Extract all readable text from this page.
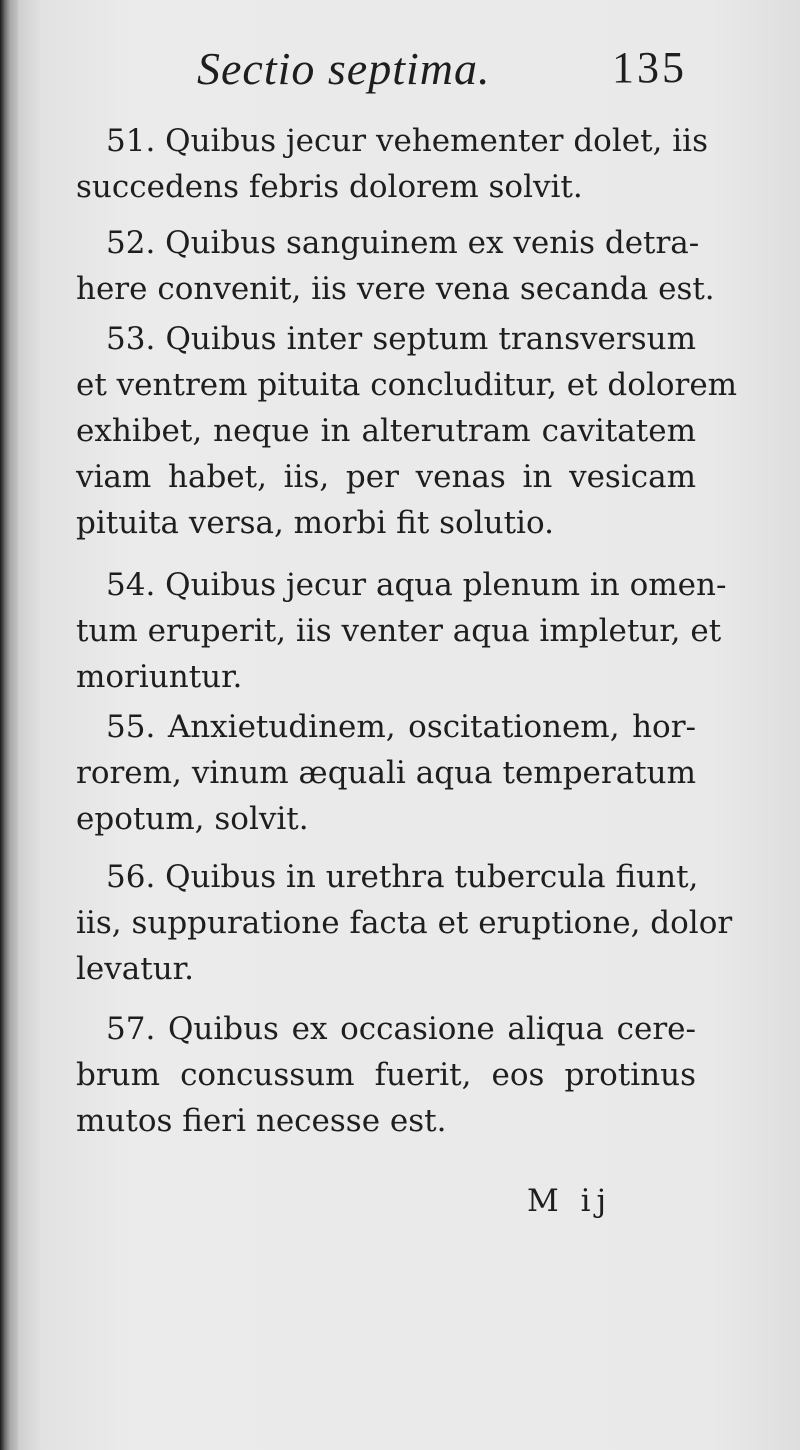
Sectio septima.	135
51. Quibus jecur vehementer dolet, iis
succedens febris dolorem solvit.
52. Quibus sanguinem ex venis detra-
here convenit, iis vere vena secanda est.
53. Quibus inter septum transversum
et ventrem pituita concluditur, et dolorem
exhibet, neque in alterutram cavitatem
viam habet, iis, per venas in vesicam
pituita versa, morbi fit solutio.
54. Quibus jecur aqua plenum in omen-
tum eruperit, iis venter aqua impletur, et
moriuntur.
55. Anxietudinem, oscitationem, hor-
rorem, vinum æquali aqua temperatum
epotum, solvit.
56. Quibus in urethra tubercula fiunt,
iis, suppuratione facta et eruptione, dolor
levatur.
57. Quibus ex occasione aliqua cere-
brum concussum fuerit, eos protinus
mutos fieri necesse est.
M ij
